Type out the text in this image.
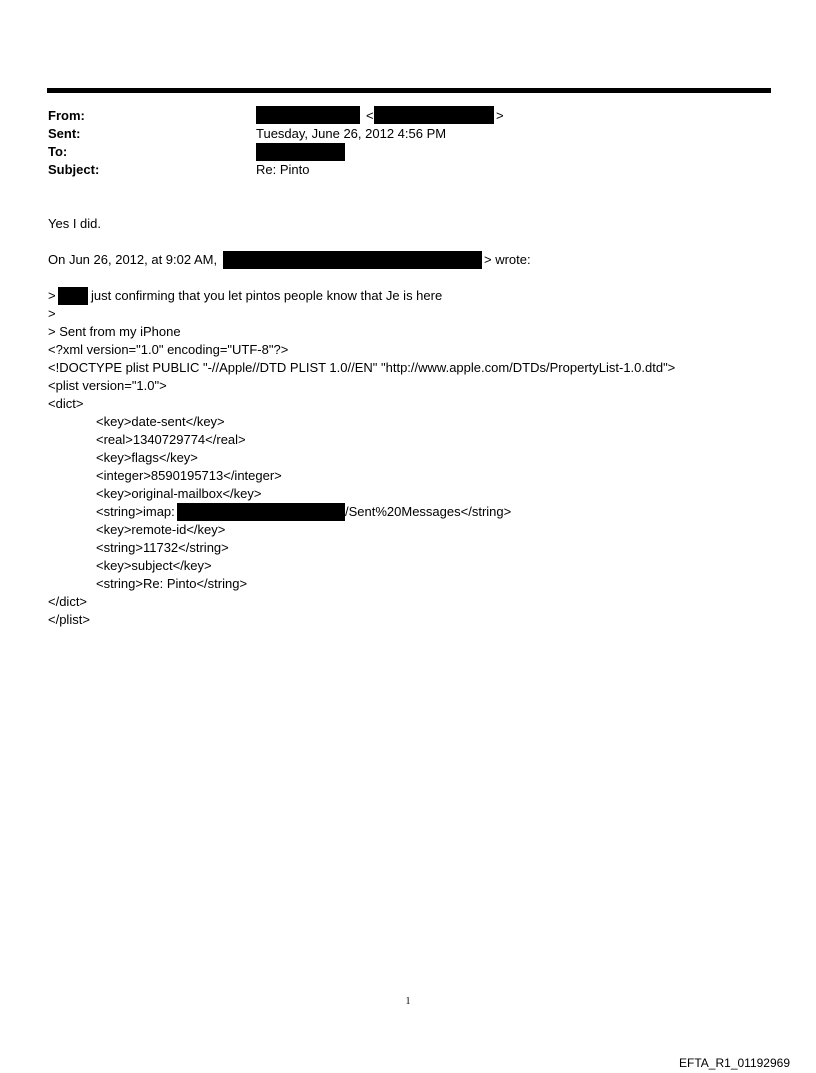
From:	<	>
Sent:	Tuesday, June 26, 2012 4:56 PM
To:
Subject:	Re: Pinto
Yes I did.
On Jun 26, 2012, at 9:02 AM,	> wrote:
>	just confirming that you let pintos people know that Je is here
>
> Sent from my iPhone
<?xml version="1.0" encoding="UTF-8"?>
<!DOCTYPE plist PUBLIC "-//Apple//DTD PLIST 1.0//EN" "http://www.apple.com/DTDs/PropertyList-1.0.dtd">
<plist version="1.0">
<dict>
<key>date-sent</key>
<real>1340729774</real>
<key>flags</key>
<integer>8590195713</integer>
<key>original-mailbox</key>
<string>imap:	/Sent%20Messages</string>
<key>remote-id</key>
<string>11732</string>
<key>subject</key>
<string>Re: Pinto</string>
</dict>
</plist>
1
EFTA_R1_01192969
